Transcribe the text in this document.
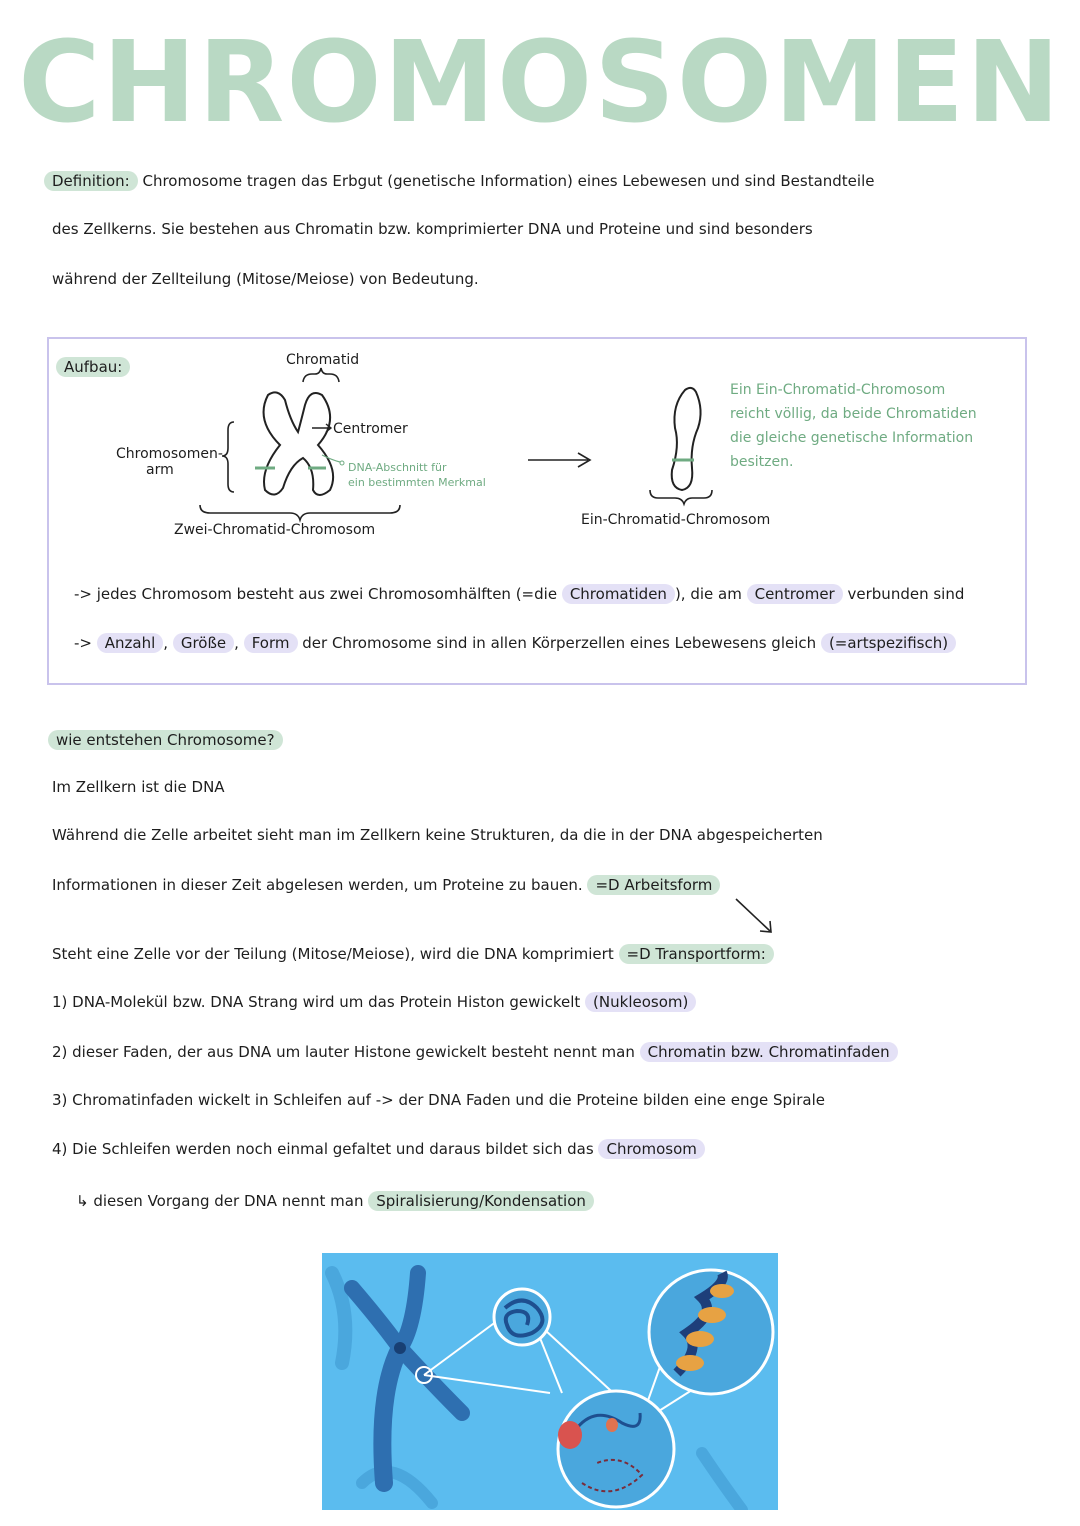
CHROMOSOMEN
Definition: Chromosome tragen das Erbgut (genetische Information) eines Lebewesen und sind Bestandteile
des Zellkerns. Sie bestehen aus Chromatin bzw. komprimierter DNA und Proteine und sind besonders
während der Zellteilung (Mitose/Meiose) von Bedeutung.
Aufbau:	Chromatid
Centromer
Chromosomen-
arm	DNA-Abschnitt für
ein bestimmten Merkmal
Zwei-Chromatid-Chromosom
Ein-Chromatid-Chromosom
Ein Ein-Chromatid-Chromosom
reicht völlig, da beide Chromatiden
die gleiche genetische Information
besitzen.
-> jedes Chromosom besteht aus zwei Chromosomhälften (=die Chromatiden ), die am Centromer verbunden sind
-> Anzahl , Größe , Form der Chromosome sind in allen Körperzellen eines Lebewesens gleich (=artspezifisch)
wie entstehen Chromosome?
Im Zellkern ist die DNA
Während die Zelle arbeitet sieht man im Zellkern keine Strukturen, da die in der DNA abgespeicherten
Informationen in dieser Zeit abgelesen werden, um Proteine zu bauen. =D Arbeitsform
Steht eine Zelle vor der Teilung (Mitose/Meiose), wird die DNA komprimiert =D Transportform:
1) DNA-Molekül bzw. DNA Strang wird um das Protein Histon gewickelt (Nukleosom)
2) dieser Faden, der aus DNA um lauter Histone gewickelt besteht nennt man Chromatin bzw. Chromatinfaden
3) Chromatinfaden wickelt in Schleifen auf -> der DNA Faden und die Proteine bilden eine enge Spirale
4) Die Schleifen werden noch einmal gefaltet und daraus bildet sich das Chromosom
↳ diesen Vorgang der DNA nennt man Spiralisierung/Kondensation
